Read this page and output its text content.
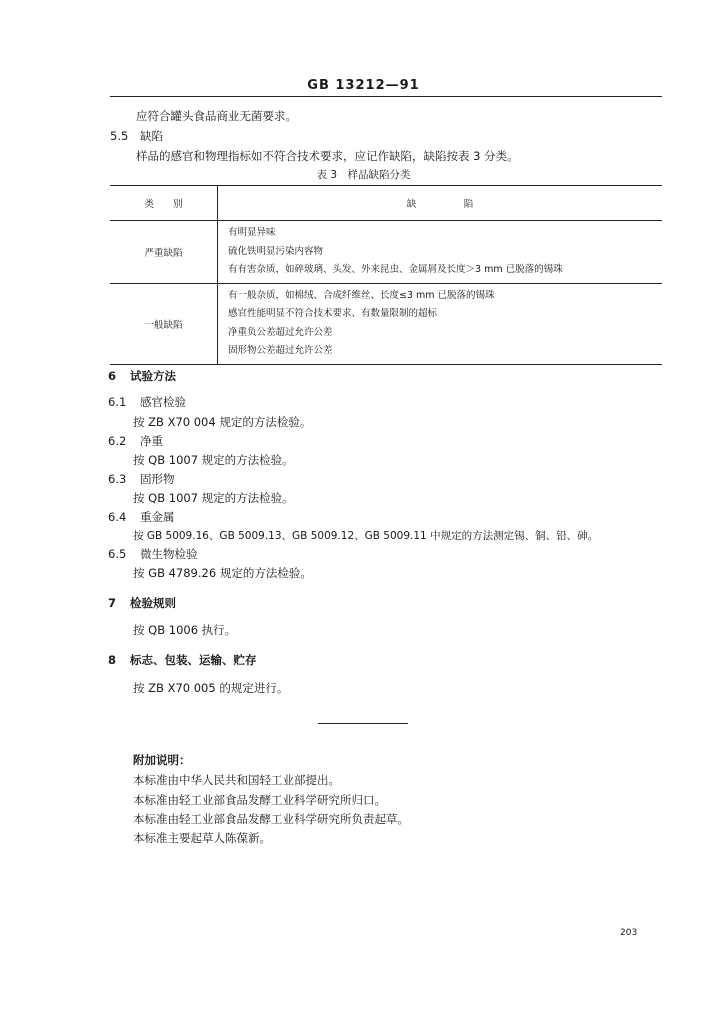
GB 13212—91
应符合罐头食品商业无菌要求。
5.5 缺陷
样品的感官和物理指标如不符合技术要求，应记作缺陷，缺陷按表 3 分类。
表 3　样品缺陷分类
类　　别	缺　　　　　陷
严重缺陷	有明显异味
硫化铁明显污染内容物
有有害杂质，如碎玻璃、头发、外来昆虫、金属屑及长度＞3 mm 已脱落的锡珠

一般缺陷	有一般杂质，如棉绒、合成纤维丝、长度≤3 mm 已脱落的锡珠
感官性能明显不符合技术要求、有数量限制的超标
净重负公差超过允许公差
固形物公差超过允许公差
6 试验方法
6.1 感官检验
按 ZB X70 004 规定的方法检验。
6.2 净重
按 QB 1007 规定的方法检验。
6.3 固形物
按 QB 1007 规定的方法检验。
6.4 重金属
按 GB 5009.16、GB 5009.13、GB 5009.12、GB 5009.11 中规定的方法测定锡、铜、铅、砷。
6.5 微生物检验
按 GB 4789.26 规定的方法检验。
7 检验规则
按 QB 1006 执行。
8 标志、包装、运输、贮存
按 ZB X70 005 的规定进行。
附加说明：
本标准由中华人民共和国轻工业部提出。
本标准由轻工业部食品发酵工业科学研究所归口。
本标准由轻工业部食品发酵工业科学研究所负责起草。
本标准主要起草人陈葆新。
203
